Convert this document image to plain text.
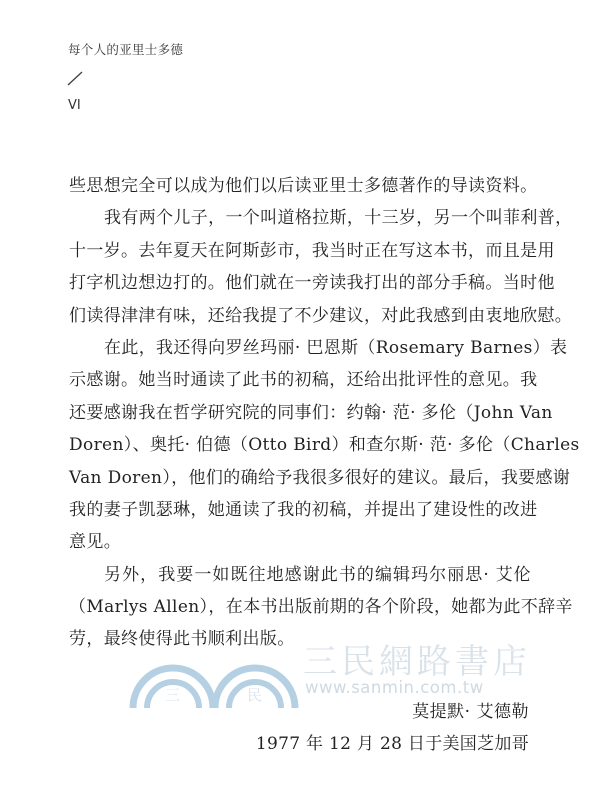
每个人的亚里士多德
VI
三	民
三民網路書店
www.sanmin.com.tw
些思想完全可以成为他们以后读亚里士多德著作的导读资料。
我有两个儿子，一个叫道格拉斯，十三岁，另一个叫菲利普，
十一岁。去年夏天在阿斯彭市，我当时正在写这本书，而且是用
打字机边想边打的。他们就在一旁读我打出的部分手稿。当时他
们读得津津有味，还给我提了不少建议，对此我感到由衷地欣慰。
在此，我还得向罗丝玛丽· 巴恩斯（Rosemary Barnes）表
示感谢。她当时通读了此书的初稿，还给出批评性的意见。我
还要感谢我在哲学研究院的同事们：约翰· 范· 多伦（John Van
Doren）、奥托· 伯德（Otto Bird）和查尔斯· 范· 多伦（Charles
Van Doren），他们的确给予我很多很好的建议。最后，我要感谢
我的妻子凯瑟琳，她通读了我的初稿，并提出了建设性的改进
意见。
另外，我要一如既往地感谢此书的编辑玛尔丽思· 艾伦
（Marlys Allen），在本书出版前期的各个阶段，她都为此不辞辛
劳，最终使得此书顺利出版。
莫提默· 艾德勒
1977 年 12 月 28 日于美国芝加哥
